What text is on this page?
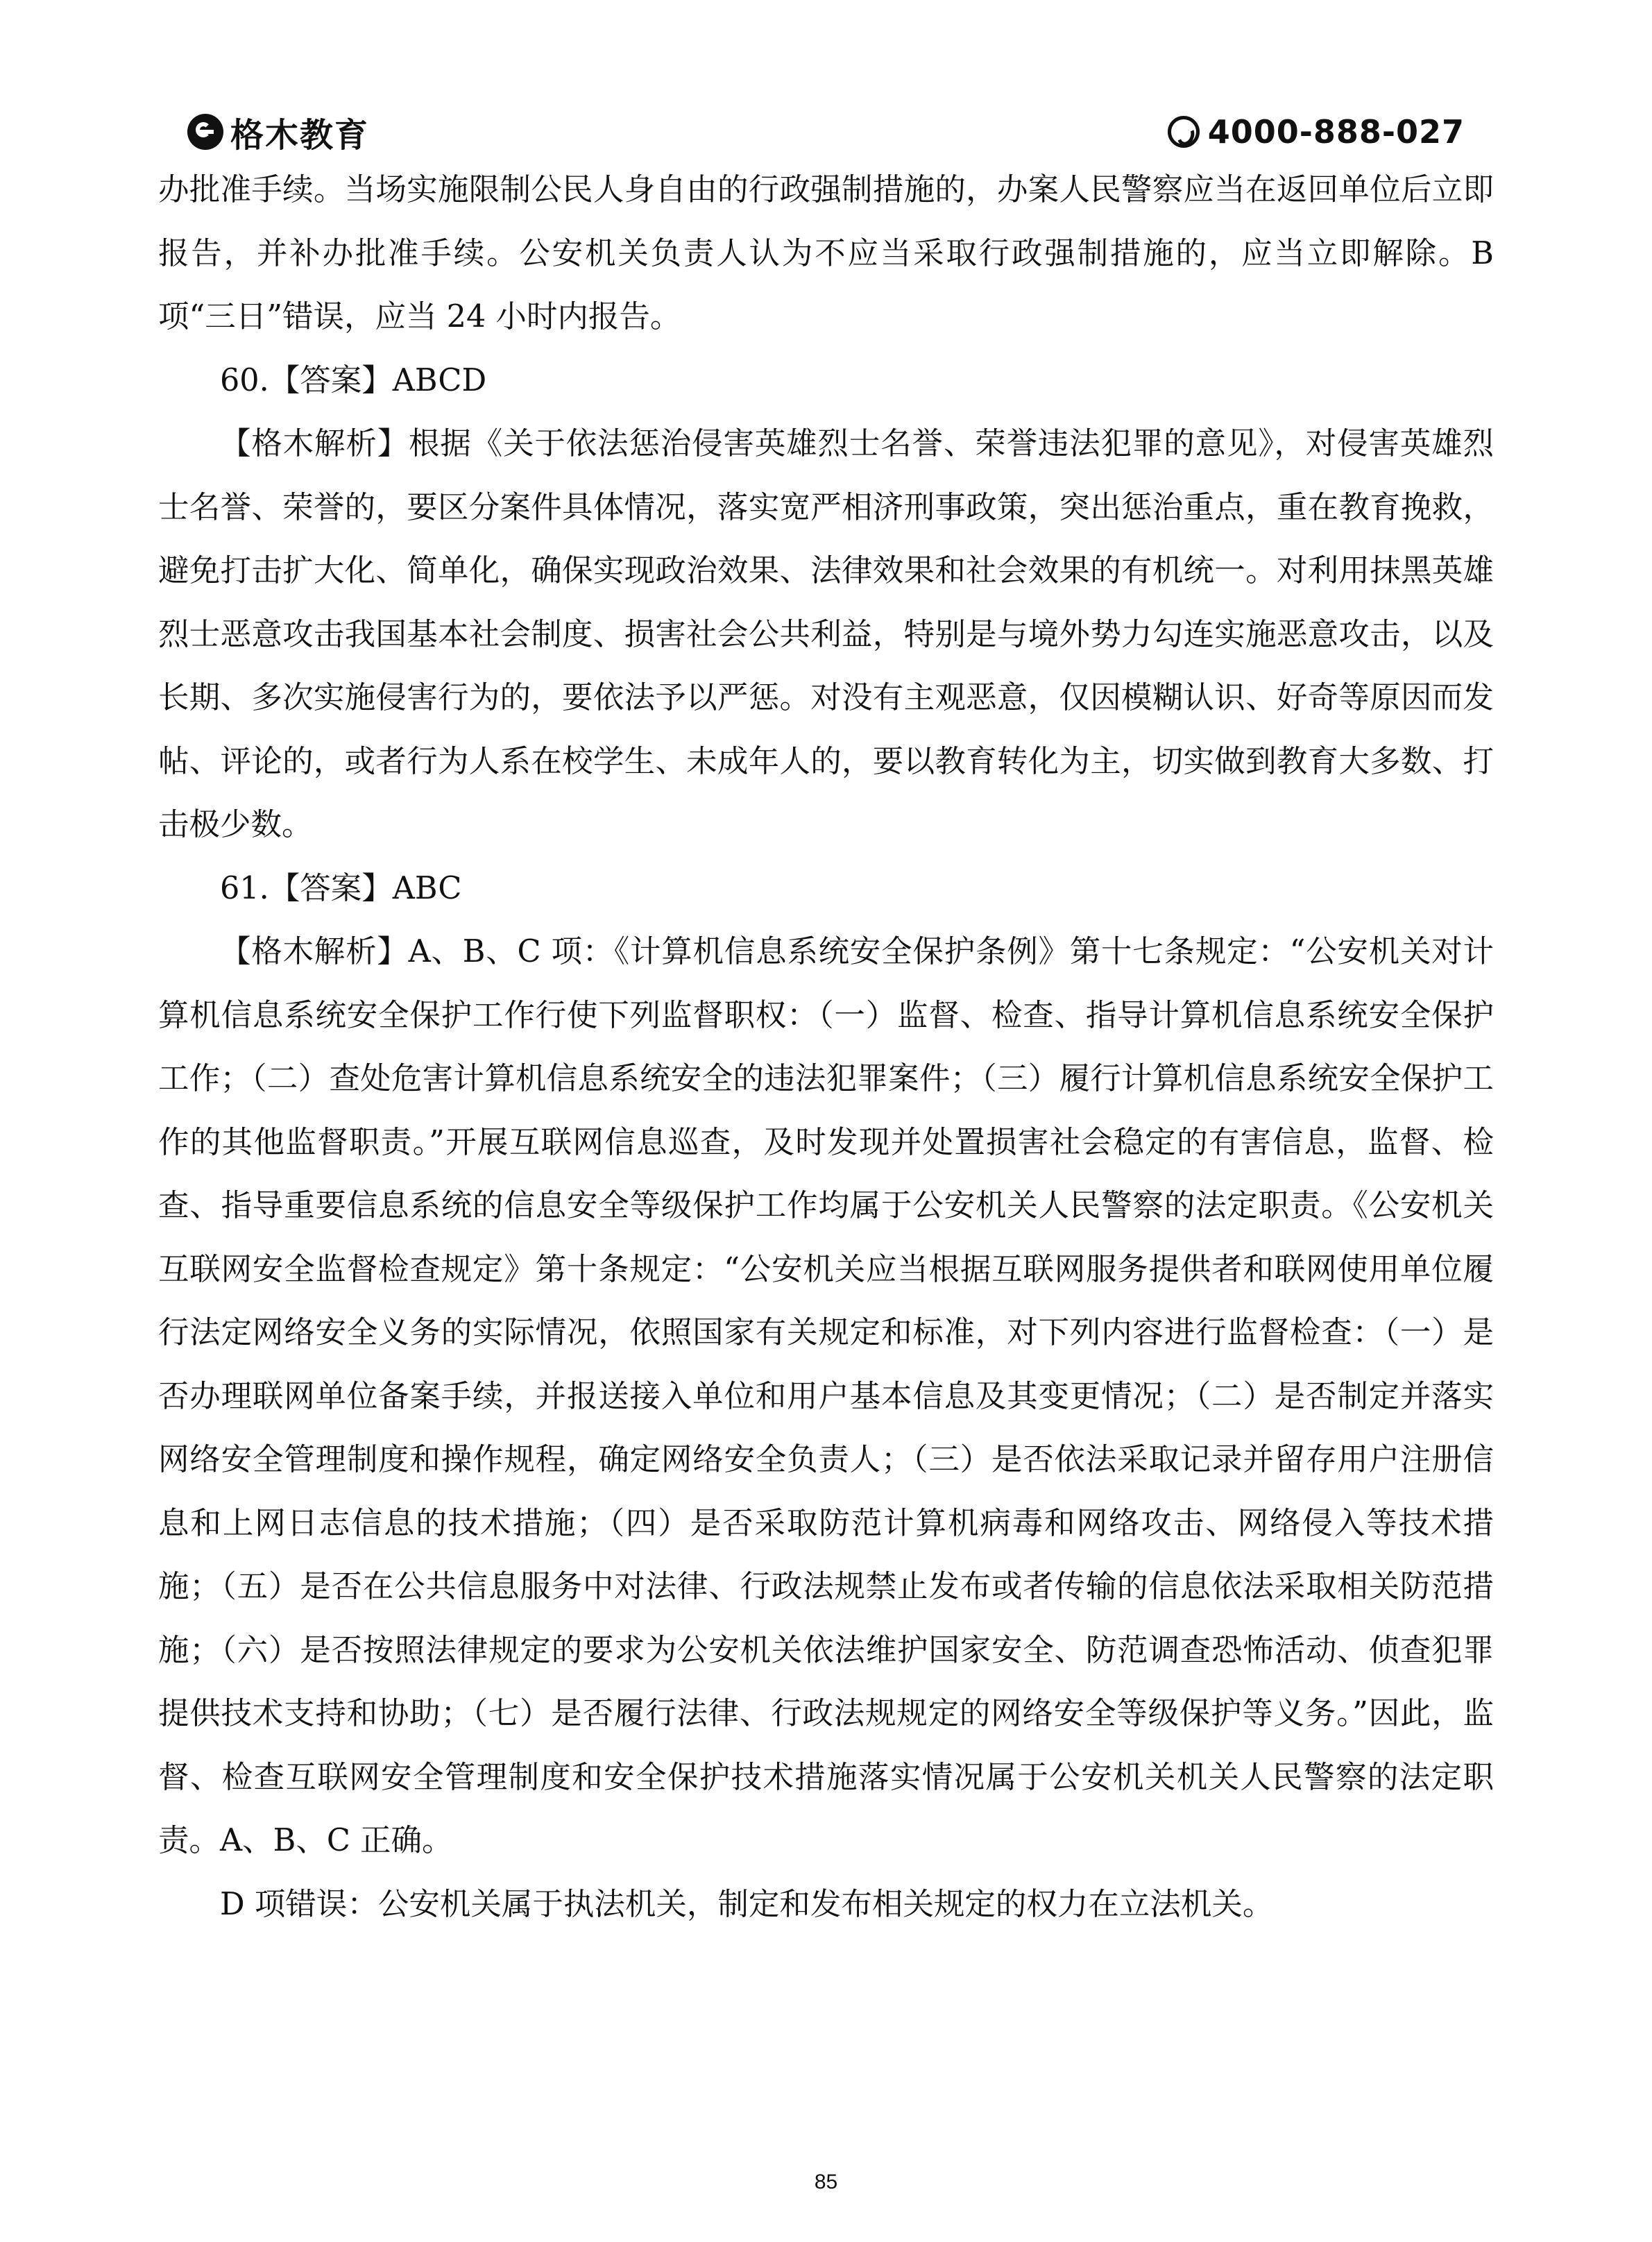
格木教育	4000-888-027

办批准手续。当场实施限制公民人身自由的行政强制措施的，办案人民警察应当在返回单位后立即报告，并补办批准手续。公安机关负责人认为不应当采取行政强制措施的，应当立即解除。B 项“三日”错误，应当 24 小时内报告。

60.【答案】ABCD

【格木解析】根据《关于依法惩治侵害英雄烈士名誉、荣誉违法犯罪的意见》，对侵害英雄烈士名誉、荣誉的，要区分案件具体情况，落实宽严相济刑事政策，突出惩治重点，重在教育挽救，避免打击扩大化、简单化，确保实现政治效果、法律效果和社会效果的有机统一。对利用抹黑英雄烈士恶意攻击我国基本社会制度、损害社会公共利益，特别是与境外势力勾连实施恶意攻击，以及长期、多次实施侵害行为的，要依法予以严惩。对没有主观恶意，仅因模糊认识、好奇等原因而发帖、评论的，或者行为人系在校学生、未成年人的，要以教育转化为主，切实做到教育大多数、打击极少数。

61.【答案】ABC

【格木解析】A、B、C 项：《计算机信息系统安全保护条例》第十七条规定：“公安机关对计算机信息系统安全保护工作行使下列监督职权：（一）监督、检查、指导计算机信息系统安全保护工作；（二）查处危害计算机信息系统安全的违法犯罪案件；（三）履行计算机信息系统安全保护工作的其他监督职责。”开展互联网信息巡查，及时发现并处置损害社会稳定的有害信息，监督、检查、指导重要信息系统的信息安全等级保护工作均属于公安机关人民警察的法定职责。《公安机关互联网安全监督检查规定》第十条规定：“公安机关应当根据互联网服务提供者和联网使用单位履行法定网络安全义务的实际情况，依照国家有关规定和标准，对下列内容进行监督检查：（一）是否办理联网单位备案手续，并报送接入单位和用户基本信息及其变更情况；（二）是否制定并落实网络安全管理制度和操作规程，确定网络安全负责人；（三）是否依法采取记录并留存用户注册信息和上网日志信息的技术措施；（四）是否采取防范计算机病毒和网络攻击、网络侵入等技术措施；（五）是否在公共信息服务中对法律、行政法规禁止发布或者传输的信息依法采取相关防范措施；（六）是否按照法律规定的要求为公安机关依法维护国家安全、防范调查恐怖活动、侦查犯罪提供技术支持和协助；（七）是否履行法律、行政法规规定的网络安全等级保护等义务。”因此，监督、检查互联网安全管理制度和安全保护技术措施落实情况属于公安机关机关人民警察的法定职责。A、B、C 正确。

D 项错误：公安机关属于执法机关，制定和发布相关规定的权力在立法机关。

85
